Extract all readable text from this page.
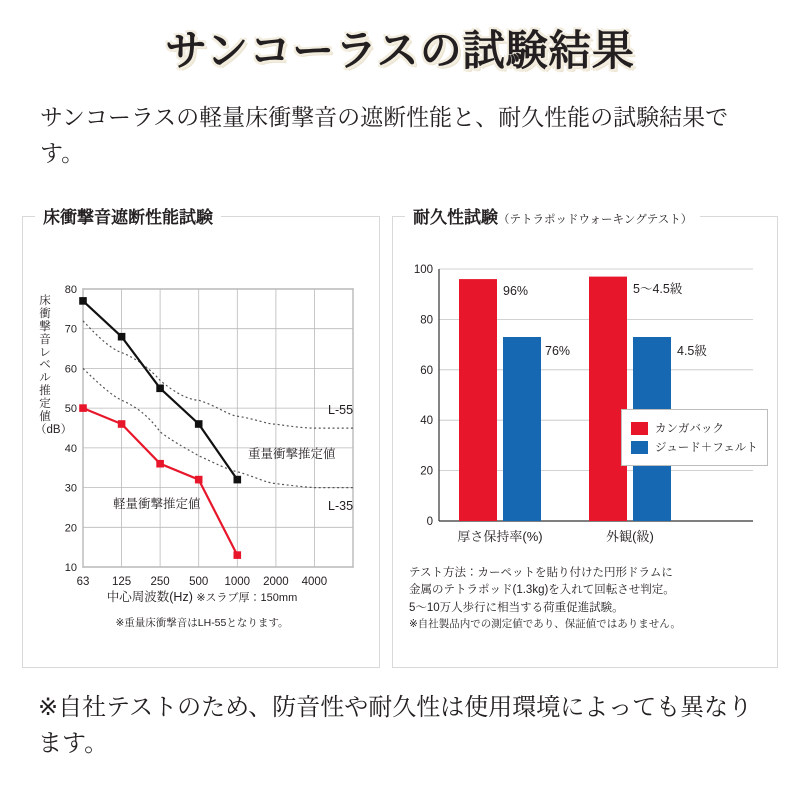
サンコーラスの試験結果
サンコーラスの軽量床衝撃音の遮断性能と、耐久性能の試験結果です。
床衝撃音遮断性能試験
床衝撃音レベル推定値（dB）
80
70
60
50
40
30
20
10
63 125 250 500 1000 2000 4000
L-55
L-35
重量衝撃推定値
軽量衝撃推定値
中心周波数(Hz) ※スラブ厚：150mm
※重量床衝撃音はLH-55となります。
耐久性試験（テトラポッドウォーキングテスト）
100
80
60
40
20
0
96%
76%
5〜4.5級
4.5級
厚さ保持率(%)	外観(級)
カンガバック
ジュード＋フェルト
テスト方法：カーペットを貼り付けた円形ドラムに
金属のテトラポッド(1.3kg)を入れて回転させ判定。
5〜10万人歩行に相当する荷重促進試験。
※自社製品内での測定値であり、保証値ではありません。
※自社テストのため、防音性や耐久性は使用環境によっても異なります。
